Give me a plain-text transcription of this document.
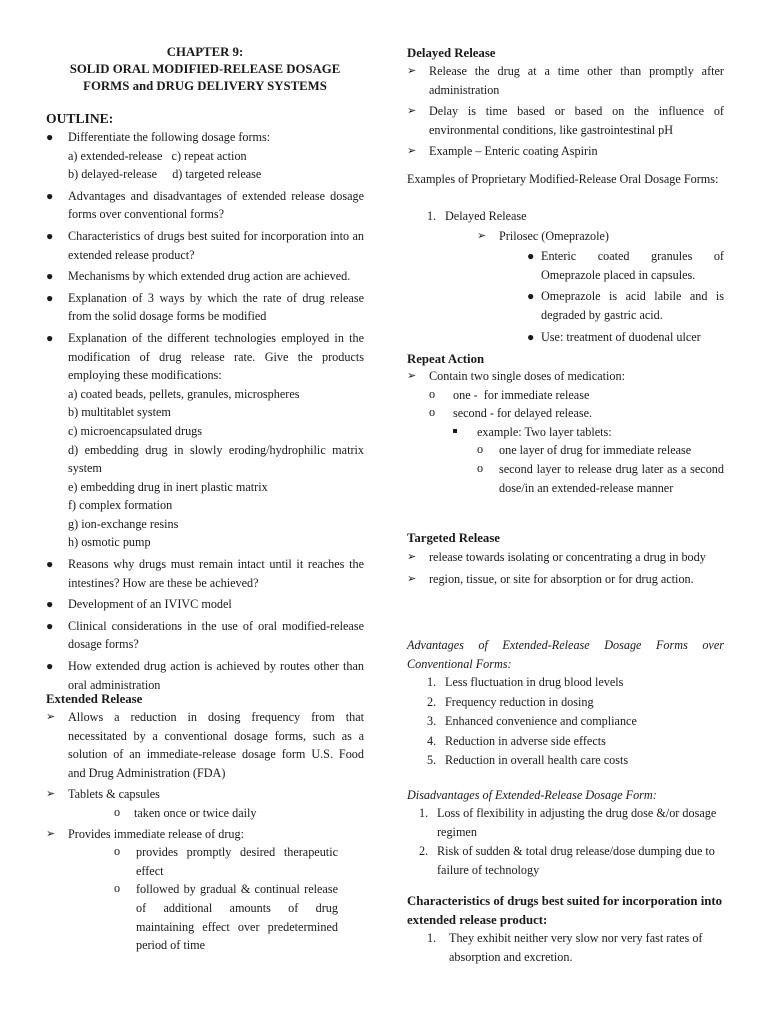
CHAPTER 9:
SOLID ORAL MODIFIED-RELEASE DOSAGE
FORMS and DRUG DELIVERY SYSTEMS
OUTLINE:
●	Differentiate the following dosage forms:
a) extended-release   c) repeat action
b) delayed-release     d) targeted release
●	Advantages and disadvantages of extended release dosage forms over conventional forms?
●	Characteristics of drugs best suited for incorporation into an extended release product?
●	Mechanisms by which extended drug action are achieved.
●	Explanation of 3 ways by which the rate of drug release from the solid dosage forms be modified
●	Explanation of the different technologies employed in the modification of drug release rate. Give the products employing these modifications:
a) coated beads, pellets, granules, microspheres
b) multitablet system
c) microencapsulated drugs
d) embedding drug in slowly eroding/hydrophilic matrix system
e) embedding drug in inert plastic matrix
f) complex formation
g) ion-exchange resins
h) osmotic pump
●	Reasons why drugs must remain intact until it reaches the intestines? How are these be achieved?
●	Development of an IVIVC model
●	Clinical considerations in the use of oral modified-release dosage forms?
●	How extended drug action is achieved by routes other than oral administration
Extended Release
➢ Allows a reduction in dosing frequency from that necessitated by a conventional dosage forms, such as a solution of an immediate-release dosage form U.S. Food and Drug Administration (FDA)
➢ Tablets & capsules
o taken once or twice daily
➢ Provides immediate release of drug:
o provides promptly desired therapeutic effect
o followed by gradual & continual release of additional amounts of drug maintaining effect over predetermined period of time
Delayed Release
➢ Release the drug at a time other than promptly after administration
➢ Delay is time based or based on the influence of environmental conditions, like gastrointestinal pH
➢ Example – Enteric coating Aspirin
Examples of Proprietary Modified-Release Oral Dosage Forms:
1. Delayed Release
➢ Prilosec (Omeprazole)
● Enteric coated granules of Omeprazole placed in capsules.
● Omeprazole is acid labile and is degraded by gastric acid.
● Use: treatment of duodenal ulcer
Repeat Action
➢ Contain two single doses of medication:
o one -  for immediate release
o second - for delayed release.
example: Two layer tablets:
o one layer of drug for immediate release
o second layer to release drug later as a second dose/in an extended-release manner
Targeted Release
➢ release towards isolating or concentrating a drug in body
➢ region, tissue, or site for absorption or for drug action.
Advantages of Extended-Release Dosage Forms over Conventional Forms:
1. Less fluctuation in drug blood levels
2. Frequency reduction in dosing
3. Enhanced convenience and compliance
4. Reduction in adverse side effects
5. Reduction in overall health care costs
Disadvantages of Extended-Release Dosage Form:
1. Loss of flexibility in adjusting the drug dose &/or dosage regimen
2. Risk of sudden & total drug release/dose dumping due to failure of technology
Characteristics of drugs best suited for incorporation into extended release product:
1. They exhibit neither very slow nor very fast rates of absorption and excretion.
